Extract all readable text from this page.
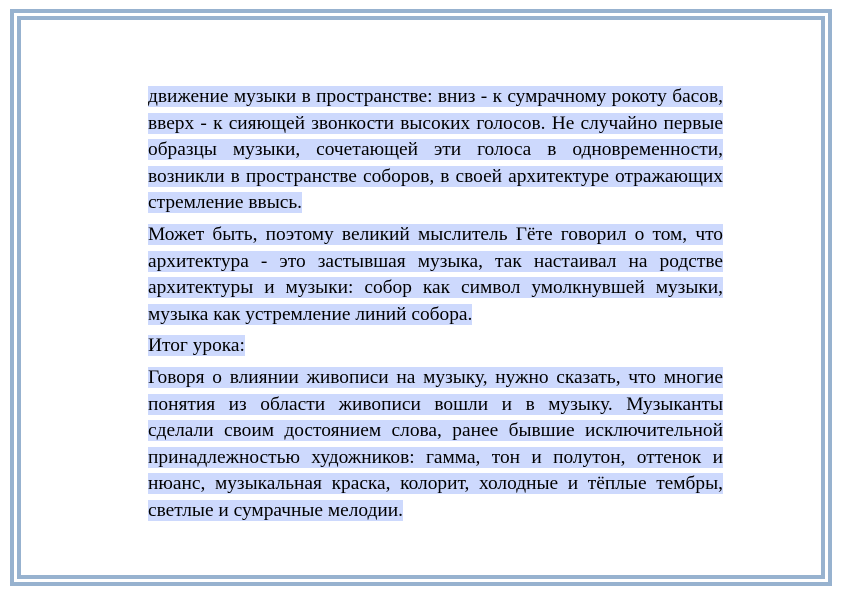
движение музыки в пространстве: вниз - к сумрачному рокоту басов, вверх - к сияющей звонкости высоких голосов. Не случайно первые образцы музыки, сочетающей эти голоса в одновременности, возникли в пространстве соборов, в своей архитектуре отражающих стремление ввысь.

Может быть, поэтому великий мыслитель Гёте говорил о том, что архитектура - это застывшая музыка, так настаивал на родстве архитектуры и музыки: собор как символ умолкнувшей музыки, музыка как устремление линий собора.

Итог урока:

Говоря о влиянии живописи на музыку, нужно сказать, что многие понятия из области живописи вошли и в музыку. Музыканты сделали своим достоянием слова, ранее бывшие исключительной принадлежностью художников: гамма, тон и полутон, оттенок и нюанс, музыкальная краска, колорит, холодные и тёплые тембры, светлые и сумрачные мелодии.
